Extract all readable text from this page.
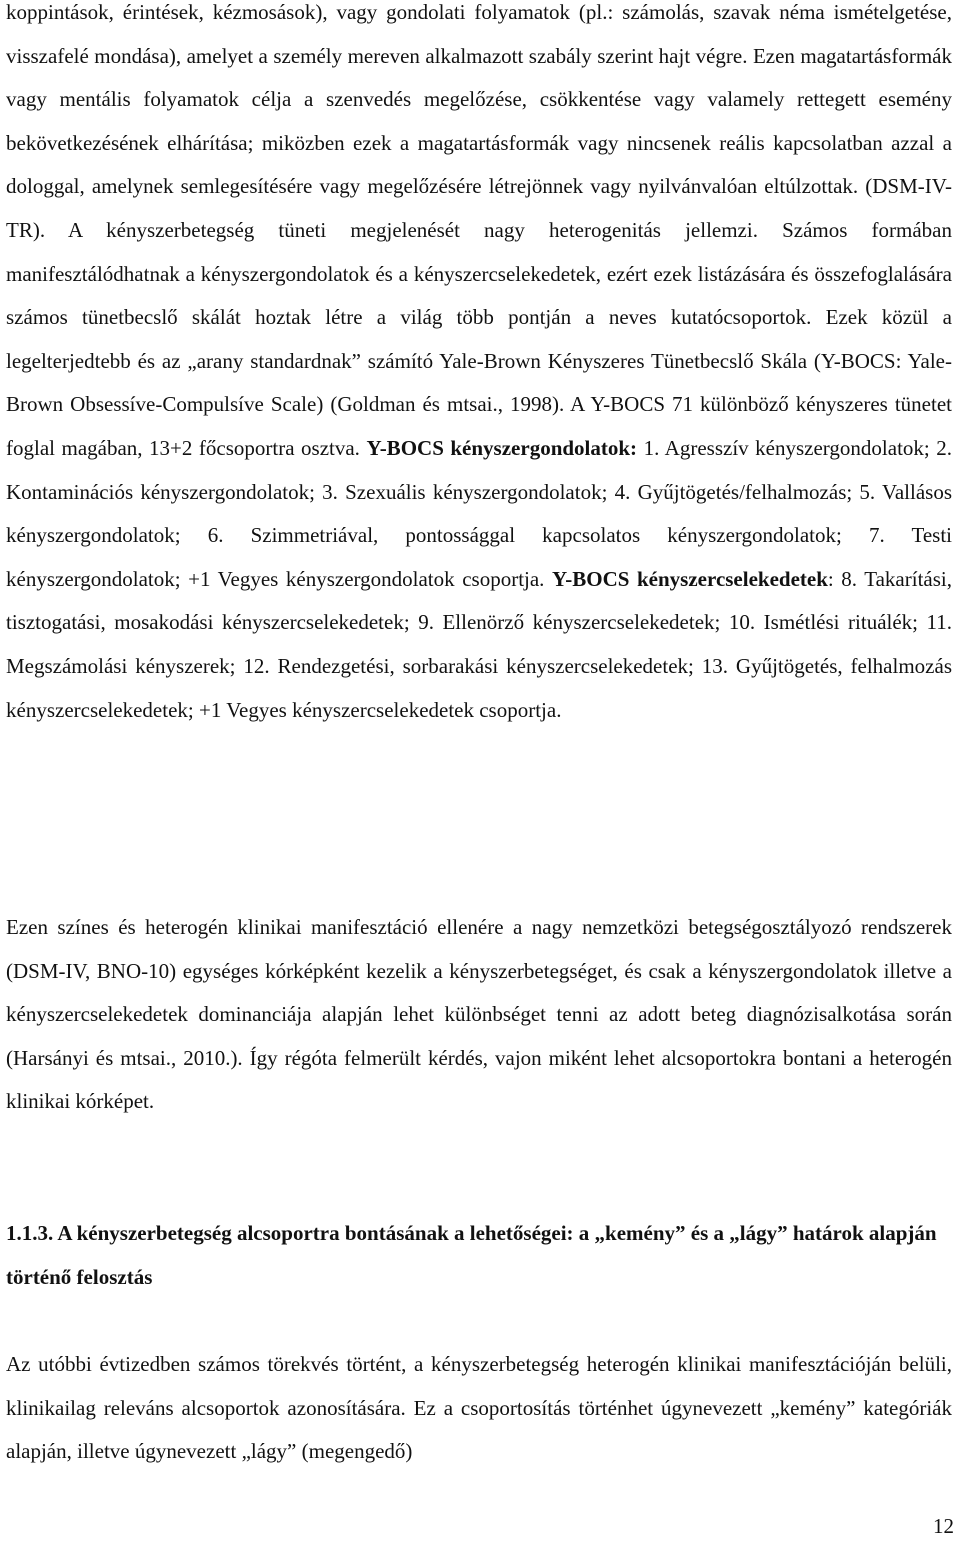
koppintások, érintések, kézmosások), vagy gondolati folyamatok (pl.: számolás, szavak néma ismételgetése, visszafelé mondása), amelyet a személy mereven alkalmazott szabály szerint hajt végre. Ezen magatartásformák vagy mentális folyamatok célja a szenvedés megelőzése, csökkentése vagy valamely rettegett esemény bekövetkezésének elhárítása; miközben ezek a magatartásformák vagy nincsenek reális kapcsolatban azzal a dologgal, amelynek semlegesítésére vagy megelőzésére létrejönnek vagy nyilvánvalóan eltúlzottak. (DSM-IV-TR). A kényszerbetegség tüneti megjelenését nagy heterogenitás jellemzi. Számos formában manifesztálódhatnak a kényszergondolatok és a kényszercselekedetek, ezért ezek listázására és összefoglalására számos tünetbecslő skálát hoztak létre a világ több pontján a neves kutatócsoportok. Ezek közül a legelterjedtebb és az „arany standardnak” számító Yale-Brown Kényszeres Tünetbecslő Skála (Y-BOCS: Yale-Brown Obsessíve-Compulsíve Scale) (Goldman és mtsai., 1998). A Y-BOCS 71 különböző kényszeres tünetet foglal magában, 13+2 főcsoportra osztva. Y-BOCS kényszergondolatok: 1. Agresszív kényszergondolatok; 2. Kontaminációs kényszergondolatok; 3. Szexuális kényszergondolatok; 4. Gyűjtögetés/felhalmozás; 5. Vallásos kényszergondolatok; 6. Szimmetriával, pontossággal kapcsolatos kényszergondolatok; 7. Testi kényszergondolatok; +1 Vegyes kényszergondolatok csoportja. Y-BOCS kényszercselekedetek: 8. Takarítási, tisztogatási, mosakodási kényszercselekedetek; 9. Ellenörző kényszercselekedetek; 10. Ismétlési rituálék; 11. Megszámolási kényszerek; 12. Rendezgetési, sorbarakási kényszercselekedetek; 13. Gyűjtögetés, felhalmozás kényszercselekedetek; +1 Vegyes kényszercselekedetek csoportja.

Ezen színes és heterogén klinikai manifesztáció ellenére a nagy nemzetközi betegségosztályozó rendszerek (DSM-IV, BNO-10) egységes kórképként kezelik a kényszerbetegséget, és csak a kényszergondolatok illetve a kényszercselekedetek dominanciája alapján lehet különbséget tenni az adott beteg diagnózisalkotása során (Harsányi és mtsai., 2010.). Így régóta felmerült kérdés, vajon miként lehet alcsoportokra bontani a heterogén klinikai kórképet.

1.1.3. A kényszerbetegség alcsoportra bontásának a lehetőségei: a „kemény” és a „lágy” határok alapján történő felosztás

Az utóbbi évtizedben számos törekvés történt, a kényszerbetegség heterogén klinikai manifesztációján belüli, klinikailag releváns alcsoportok azonosítására. Ez a csoportosítás történhet úgynevezett „kemény” kategóriák alapján, illetve úgynevezett „lágy” (megengedő)

12
